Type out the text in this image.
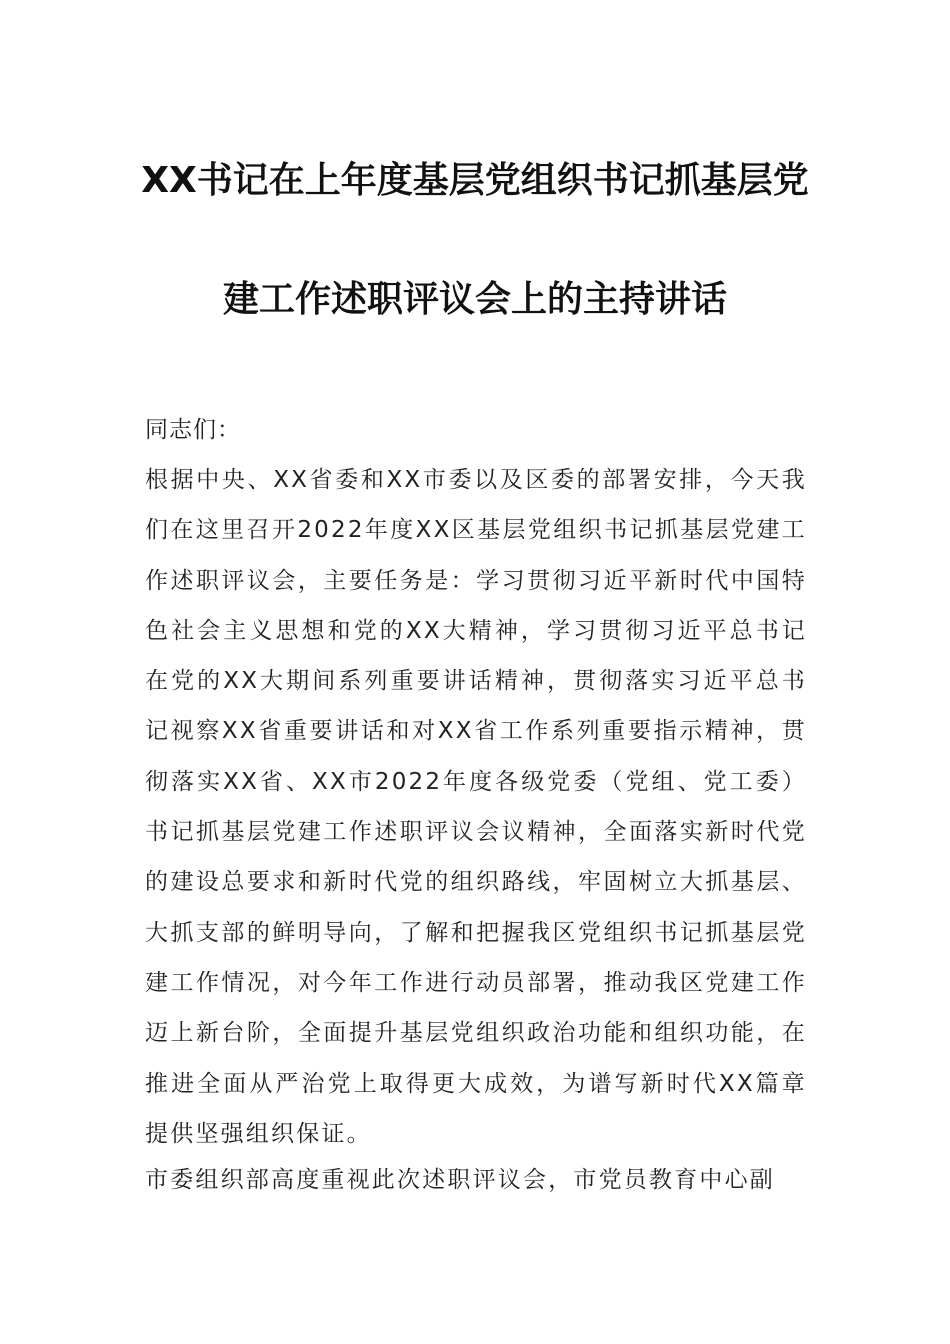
XX书记在上年度基层党组织书记抓基层党
建工作述职评议会上的主持讲话

同志们：

根据中央、XX省委和XX市委以及区委的部署安排，今天我们在这里召开2022年度XX区基层党组织书记抓基层党建工作述职评议会，主要任务是：学习贯彻习近平新时代中国特色社会主义思想和党的XX大精神，学习贯彻习近平总书记在党的XX大期间系列重要讲话精神，贯彻落实习近平总书记视察XX省重要讲话和对XX省工作系列重要指示精神，贯彻落实XX省、XX市2022年度各级党委（党组、党工委）书记抓基层党建工作述职评议会议精神，全面落实新时代党的建设总要求和新时代党的组织路线，牢固树立大抓基层、大抓支部的鲜明导向，了解和把握我区党组织书记抓基层党建工作情况，对今年工作进行动员部署，推动我区党建工作迈上新台阶，全面提升基层党组织政治功能和组织功能，在推进全面从严治党上取得更大成效，为谱写新时代XX篇章提供坚强组织保证。

市委组织部高度重视此次述职评议会，市党员教育中心副
